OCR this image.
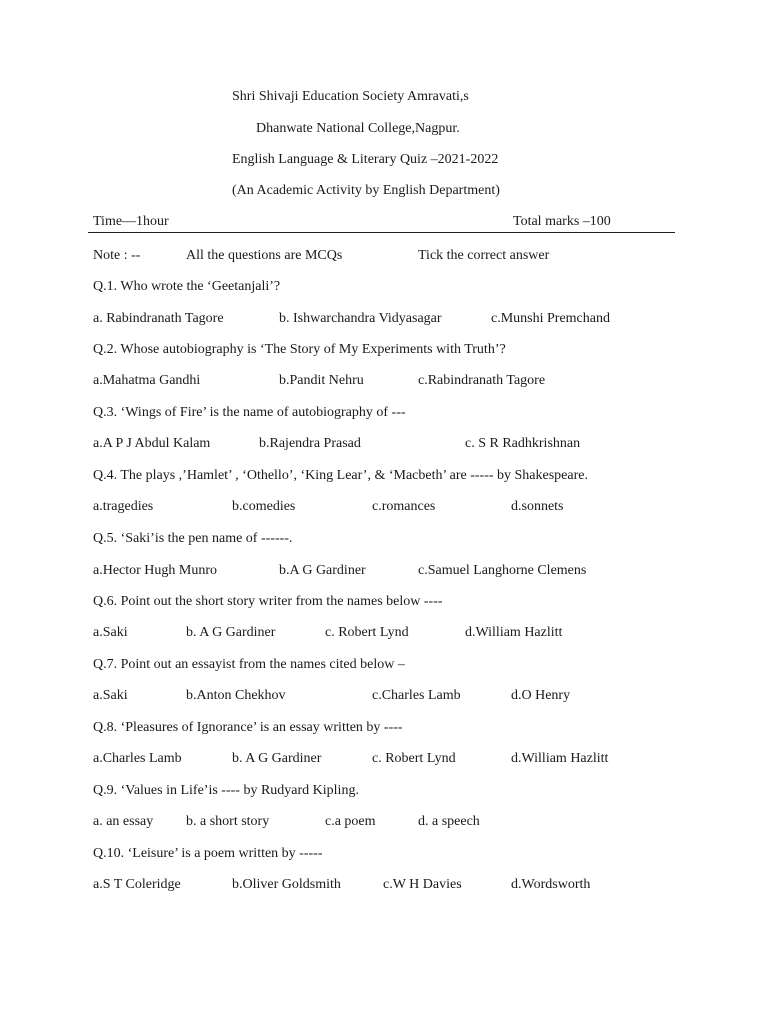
Shri Shivaji Education Society Amravati,s
Dhanwate National College,Nagpur.
English Language & Literary Quiz –2021-2022
(An Academic Activity by English Department)
Time—1hour	Total marks –100
Note : --	All the questions are MCQs	Tick the correct answer
Q.1. Who wrote the ‘Geetanjali’?
a. Rabindranath Tagore	b. Ishwarchandra Vidyasagar	c.Munshi Premchand
Q.2. Whose autobiography is ‘The Story of My Experiments with Truth’?
a.Mahatma Gandhi	b.Pandit Nehru	c.Rabindranath Tagore
Q.3. ‘Wings of Fire’ is the name of autobiography of ---
a.A P J Abdul Kalam	b.Rajendra Prasad	c. S R Radhkrishnan
Q.4. The plays ,’Hamlet’ , ‘Othello’, ‘King Lear’, & ‘Macbeth’ are ----- by Shakespeare.
a.tragedies	b.comedies	c.romances	d.sonnets
Q.5. ‘Saki’is the pen name of ------.
a.Hector Hugh Munro	b.A G Gardiner	c.Samuel Langhorne Clemens
Q.6. Point out the short story writer from the names below ----
a.Saki	b. A G Gardiner	c. Robert Lynd	d.William Hazlitt
Q.7. Point out an essayist from the names cited below –
a.Saki	b.Anton Chekhov	c.Charles Lamb	d.O Henry
Q.8. ‘Pleasures of Ignorance’ is an essay written by ----
a.Charles Lamb	b. A G Gardiner	c. Robert Lynd	d.William Hazlitt
Q.9. ‘Values in Life’is ---- by Rudyard Kipling.
a. an essay b. a short story	c.a poem	d. a speech
Q.10. ‘Leisure’ is a poem written by -----
a.S T Coleridge	b.Oliver Goldsmith	c.W H Davies	d.Wordsworth
